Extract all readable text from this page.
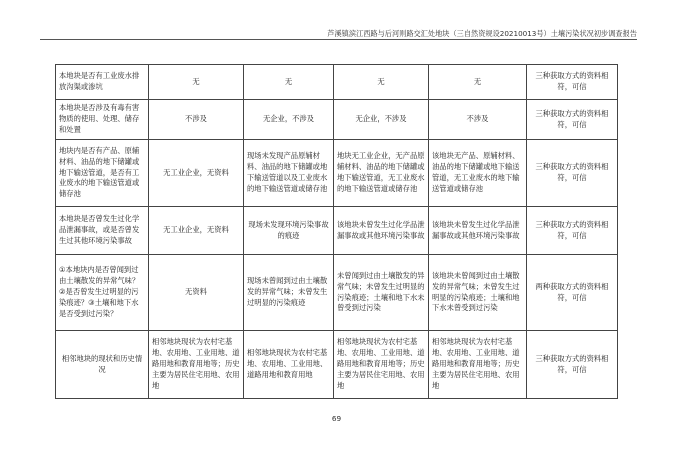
芦溪镇滨江西路与后河则路交汇处地块（三自然资规设20210013号）土壤污染状况初步调查报告
本地块是否有工业废水排放沟渠或渗坑	无	无	无	无	三种获取方式的资料相符，可信
本地块是否涉及有毒有害物质的使用、处理、储存和处置	不涉及	无企业，不涉及	无企业，不涉及	不涉及	三种获取方式的资料相符，可信
地块内是否有产品、原辅材料、油品的地下储罐或地下输送管道，是否有工业废水的地下输送管道或储存池	无工业企业，无资料	现场未发现产品原辅材料、油品的地下储罐或地下输送管道以及工业废水的地下输送管道或储存池	地块无工业企业，无产品原辅材料、油品的地下储罐或地下输送管道，无工业废水的地下输送管道或储存池	该地块无产品、原辅材料、油品的地下储罐或地下输送管道，无工业废水的地下输送管道或储存池	三种获取方式的资料相符，可信
本地块是否曾发生过化学品泄漏事故，或是否曾发生过其他环境污染事故	无工业企业，无资料	现场未发现环境污染事故的痕迹	该地块未曾发生过化学品泄漏事故或其他环境污染事故	该地块未曾发生过化学品泄漏事故或其他环境污染事故	三种获取方式的资料相符，可信
①本地块内是否曾闻到过由土壤散发的异常气味？②是否曾发生过明显的污染痕迹？③土壤和地下水是否受到过污染？	无资料	现场未曾闻到过由土壤散发的异常气味；未曾发生过明显的污染痕迹	未曾闻到过由土壤散发的异常气味；未曾发生过明显的污染痕迹；土壤和地下水未曾受到过污染	该地块未曾闻到过由土壤散发的异常气味；未曾发生过明显的污染痕迹；土壤和地下水未曾受到过污染	两种获取方式的资料相符，可信
相邻地块的现状和历史情况	相邻地块现状为农村宅基地、农用地、工业用地、道路用地和教育用地等；历史主要为居民住宅用地、农用地	相邻地块现状为农村宅基地、农用地、工业用地、道路用地和教育用地	相邻地块现状为农村宅基地、农用地、工业用地、道路用地和教育用地等；历史主要为居民住宅用地、农用地	相邻地块现状为农村宅基地、农用地、工业用地、道路用地和教育用地等；历史主要为居民住宅用地、农用地	三种获取方式的资料相符，可信
69
